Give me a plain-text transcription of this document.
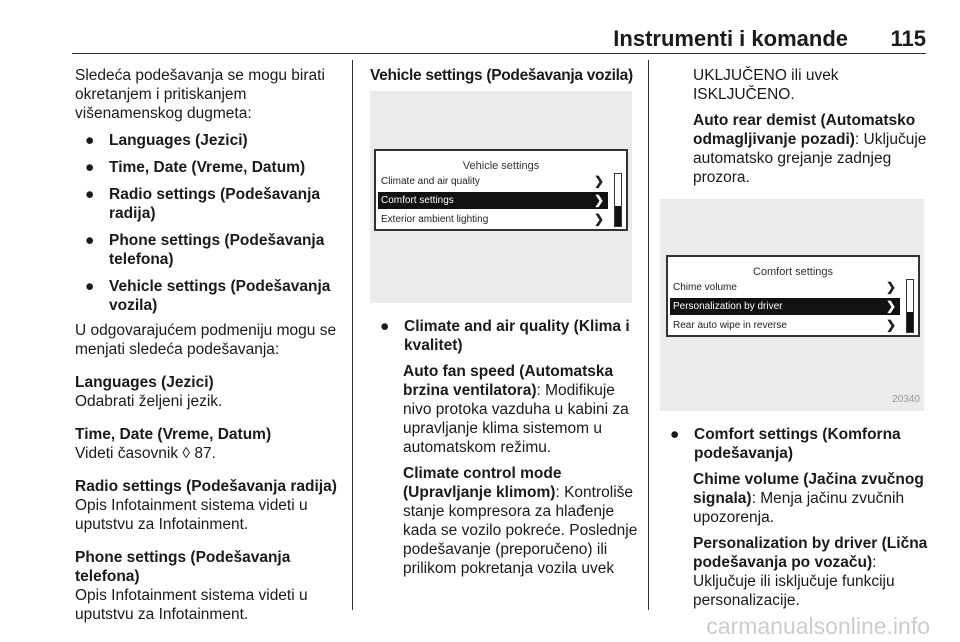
Instrumenti i komande 115

Sledeća podešavanja se mogu birati okretanjem i pritiskanjem višenamenskog dugmeta:

● Languages (Jezici)

● Time, Date (Vreme, Datum)

● Radio settings (Podešavanja radija)

● Phone settings (Podešavanja telefona)

● Vehicle settings (Podešavanja vozila)

U odgovarajućem podmeniju mogu se menjati sledeća podešavanja:

Languages (Jezici)

Odabrati željeni jezik.

Time, Date (Vreme, Datum)

Videti časovnik ◊ 87.

Radio settings (Podešavanja radija)

Opis Infotainment sistema videti u uputstvu za Infotainment.

Phone settings (Podešavanja telefona)

Opis Infotainment sistema videti u uputstvu za Infotainment.

Vehicle settings (Podešavanja vozila)

Vehicle settings
Climate and air quality	❯
Comfort settings	❯
Exterior ambient lighting	❯

● Climate and air quality (Klima i kvalitet)

Auto fan speed (Automatska brzina ventilatora): Modifikuje nivo protoka vazduha u kabini za upravljanje klima sistemom u automatskom režimu.

Climate control mode (Upravljanje klimom): Kontroliše stanje kompresora za hlađenje kada se vozilo pokreće. Poslednje podešavanje (preporučeno) ili prilikom pokretanja vozila uvek

UKLJUČENO ili uvek ISKLJUČENO.

Auto rear demist (Automatsko odmagljivanje pozadi): Uključuje automatsko grejanje zadnjeg prozora.

Comfort settings
Chime volume	❯
Personalization by driver	❯
Rear auto wipe in reverse	❯
20340

● Comfort settings (Komforna podešavanja)

Chime volume (Jačina zvučnog signala): Menja jačinu zvučnih upozorenja.

Personalization by driver (Lična podešavanja po vozaču): Uključuje ili isključuje funkciju personalizacije.

carmanualsonline.info
